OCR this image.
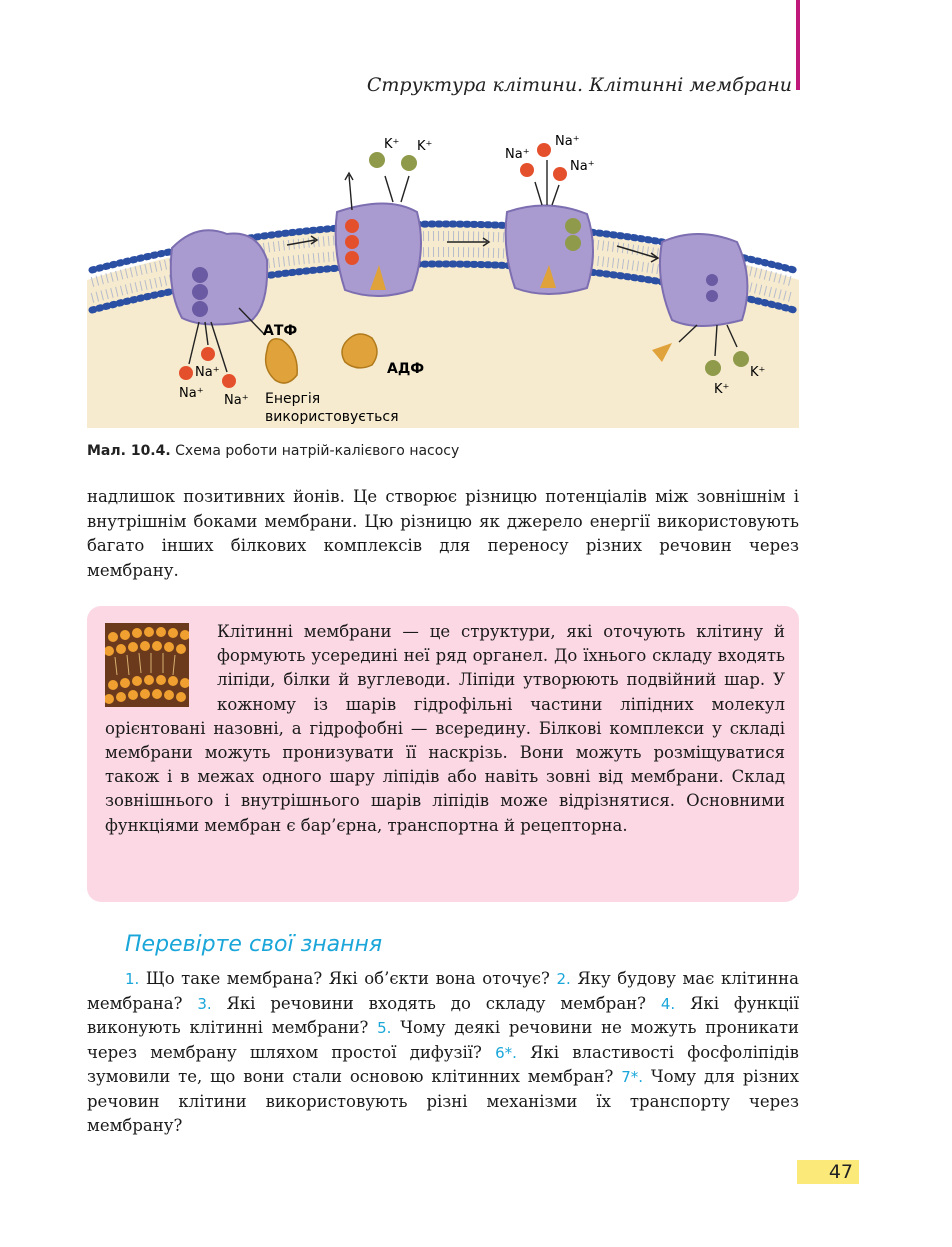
Структура клітини. Клітинні мембрани
K⁺ K⁺	Na⁺
Na⁺
Na⁺
Na⁺
Na⁺ Na⁺
АТФ
АДФ
Енергія
використовується
K⁺
K⁺
Мал. 10.4. Схема роботи натрій-калієвого насосу

надлишок позитивних йонів. Це створює різницю потенціалів між зовнішнім і внутрішнім боками мембрани. Цю різницю як джерело енергії використовують багато інших білкових комплексів для переносу різних речовин через мембрану.

Клітинні мембрани — це структури, які оточують клітину й формують усередині неї ряд органел. До їхнього складу входять ліпіди, білки й вуглеводи. Ліпіди утворюють подвійний шар. У кожному із шарів гідрофільні частини ліпідних молекул орієнтовані назовні, а гідрофобні — всередину. Білкові комплекси у складі мембрани можуть пронизувати її наскрізь. Вони можуть розміщуватися також і в межах одного шару ліпідів або навіть зовні від мембрани. Склад зовнішнього і внутрішнього шарів ліпідів може відрізнятися. Основними функціями мембран є бар’єрна, транспортна й рецепторна.

Перевірте свої знання

1. Що таке мембрана? Які об’єкти вона оточує? 2. Яку будову має клітинна мембрана? 3. Які речовини входять до складу мембран? 4. Які функції виконують клітинні мембрани? 5. Чому деякі речовини не можуть проникати через мембрану шляхом простої дифузії? 6*. Які властивості фосфоліпідів зумовили те, що вони стали основою клітинних мембран? 7*. Чому для різних речовин клітини використовують різні механізми їх транспорту через мембрану?

47
